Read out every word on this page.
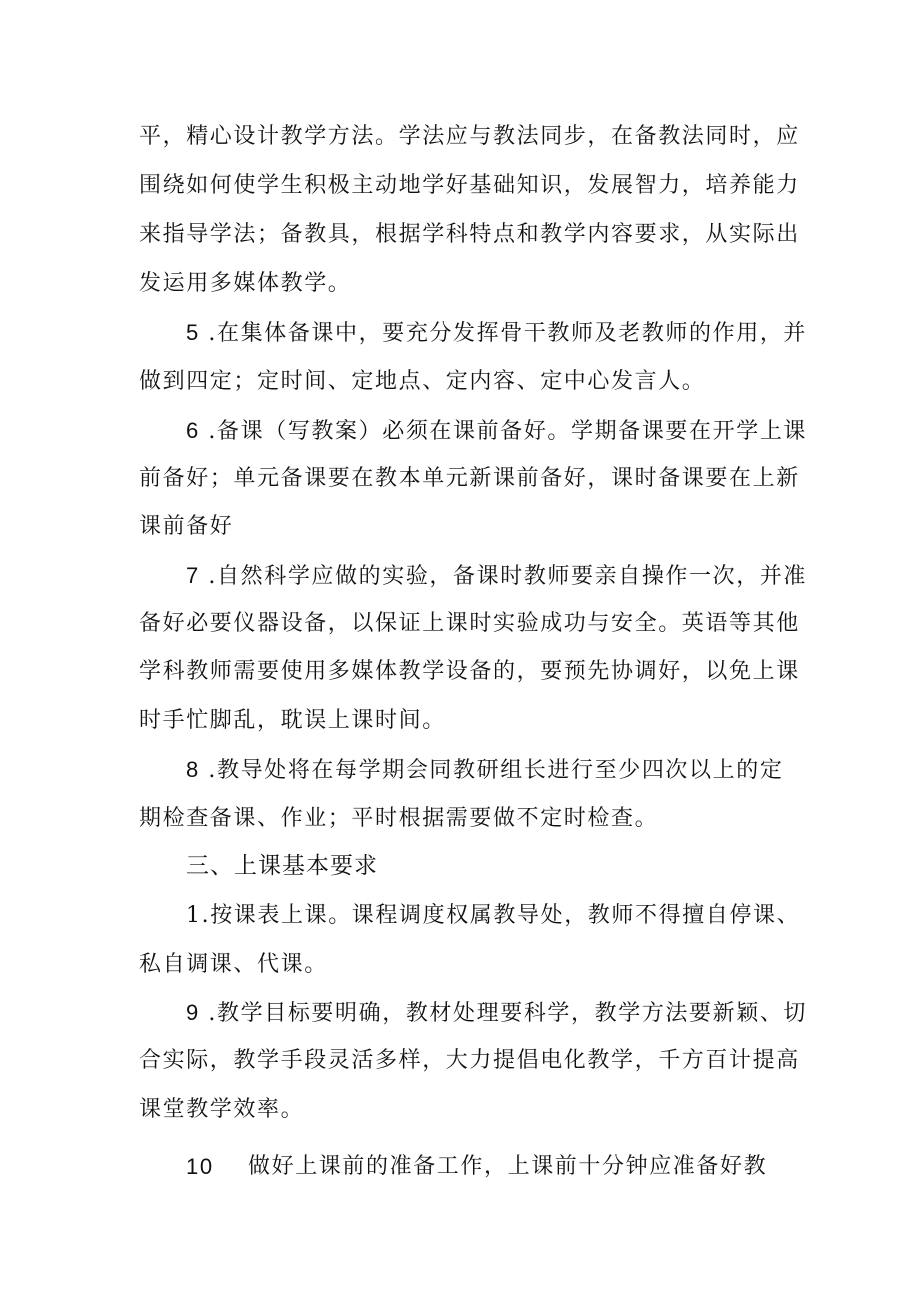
平，精心设计教学方法。学法应与教法同步，在备教法同时，应
围绕如何使学生积极主动地学好基础知识，发展智力，培养能力
来指导学法；备教具，根据学科特点和教学内容要求，从实际出
发运用多媒体教学。
5 .在集体备课中，要充分发挥骨干教师及老教师的作用，并
做到四定；定时间、定地点、定内容、定中心发言人。
6 .备课（写教案）必须在课前备好。学期备课要在开学上课
前备好；单元备课要在教本单元新课前备好，课时备课要在上新
课前备好
7 .自然科学应做的实验，备课时教师要亲自操作一次，并准
备好必要仪器设备，以保证上课时实验成功与安全。英语等其他
学科教师需要使用多媒体教学设备的，要预先协调好，以免上课
时手忙脚乱，耽误上课时间。
8 .教导处将在每学期会同教研组长进行至少四次以上的定
期检查备课、作业；平时根据需要做不定时检查。
三、上课基本要求
1.按课表上课。课程调度权属教导处，教师不得擅自停课、
私自调课、代课。
9 .教学目标要明确，教材处理要科学，教学方法要新颖、切
合实际，教学手段灵活多样，大力提倡电化教学，千方百计提高
课堂教学效率。
10 做好上课前的准备工作，上课前十分钟应准备好教
